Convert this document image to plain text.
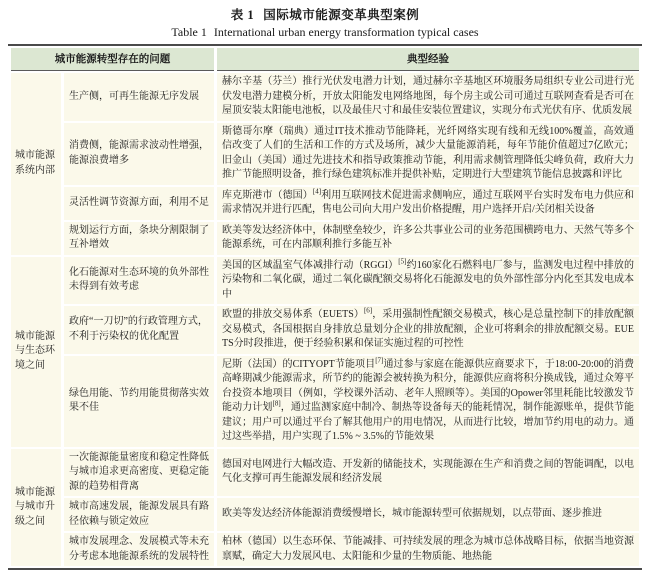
表 1 国际城市能源变革典型案例
Table 1 International urban energy transformation typical cases
城市能源转型存在的问题		典型经验
城市能源系统内部	生产侧，可再生能源无序发展	赫尔辛基（芬兰）推行光伏发电潜力计划，通过赫尔辛基地区环境服务局组织专业公司进行光伏发电潜力建模分析，开放太阳能发电网络地图，每个房主或公司可通过互联网查看是否可在屋顶安装太阳能电池板，以及最佳尺寸和最佳安装位置建议，实现分布式光伏有序、优质发展
	消费侧，能源需求波动性增强，能源浪费增多	斯德哥尔摩（瑞典）通过IT技术推动节能降耗，光纤网络实现有线和无线100%覆盖，高效通信改变了人们的生活和工作的方式及场所，减少大量能源消耗，每年节能价值超过7亿欧元；旧金山（美国）通过先进技术和指导政策推动节能，利用需求侧管理降低尖峰负荷，政府大力推广节能照明设备，推行绿色建筑标准并提供补贴，定期进行大型建筑节能信息披露和评比
	灵活性调节资源方面，利用不足	库克斯港市（德国）[4]利用互联网技术促进需求侧响应，通过互联网平台实时发布电力供应和需求情况并进行匹配，售电公司向大用户发出价格提醒，用户选择开启/关闭相关设备
	规划运行方面，条块分割限制了互补增效	欧美等发达经济体中，体制壁垒较少，许多公共事业公司的业务范围横跨电力、天然气等多个能源系统，可在内部顺利推行多能互补
城市能源与生态环境之间	化石能源对生态环境的负外部性未得到有效考虑	美国的区域温室气体减排行动（RGGI）[5]约160家化石燃料电厂参与，监测发电过程中排放的污染物和二氧化碳，通过二氧化碳配额交易将化石能源发电的负外部性部分内化至其发电成本中
	政府“一刀切”的行政管理方式，不利于污染权的优化配置	欧盟的排放交易体系（EUETS）[6]，采用强制性配额交易模式，核心是总量控制下的排放配额交易模式，各国根据自身排放总量划分企业的排放配额，企业可将剩余的排放配额交易。EUETS分时段推进，便于经验积累和保证实施过程的可控性
	绿色用能、节约用能贯彻落实效果不佳	尼斯（法国）的CITYOPT节能项目[7]通过参与家庭在能源供应商要求下，于18:00-20:00的消费高峰期减少能源需求，所节约的能源会被转换为积分，能源供应商将积分换成钱，通过众筹平台投资本地项目（例如，学校课外活动、老年人照顾等）。美国的Opower邻里耗能比较激发节能动力计划[8]，通过监测家庭中制冷、制热等设备每天的能耗情况，制作能源账单，提供节能建议；用户可以通过平台了解其他用户的用电情况，从而进行比较，增加节约用电的动力。通过这些举措，用户实现了1.5% ~ 3.5%的节能效果
城市能源与城市升级之间	一次能源能量密度和稳定性降低与城市追求更高密度、更稳定能源的趋势相背离	德国对电网进行大幅改造、开发新的储能技术，实现能源在生产和消费之间的智能调配，以电气化支撑可再生能源发展和经济发展
	城市高速发展，能源发展具有路径依赖与锁定效应	欧美等发达经济体能源消费缓慢增长，城市能源转型可依据规划，以点带面、逐步推进
	城市发展理念、发展模式等未充分考虑本地能源系统的发展特性	柏林（德国）以生态环保、节能减排、可持续发展的理念为城市总体战略目标，依据当地资源禀赋，确定大力发展风电、太阳能和少量的生物质能、地热能
